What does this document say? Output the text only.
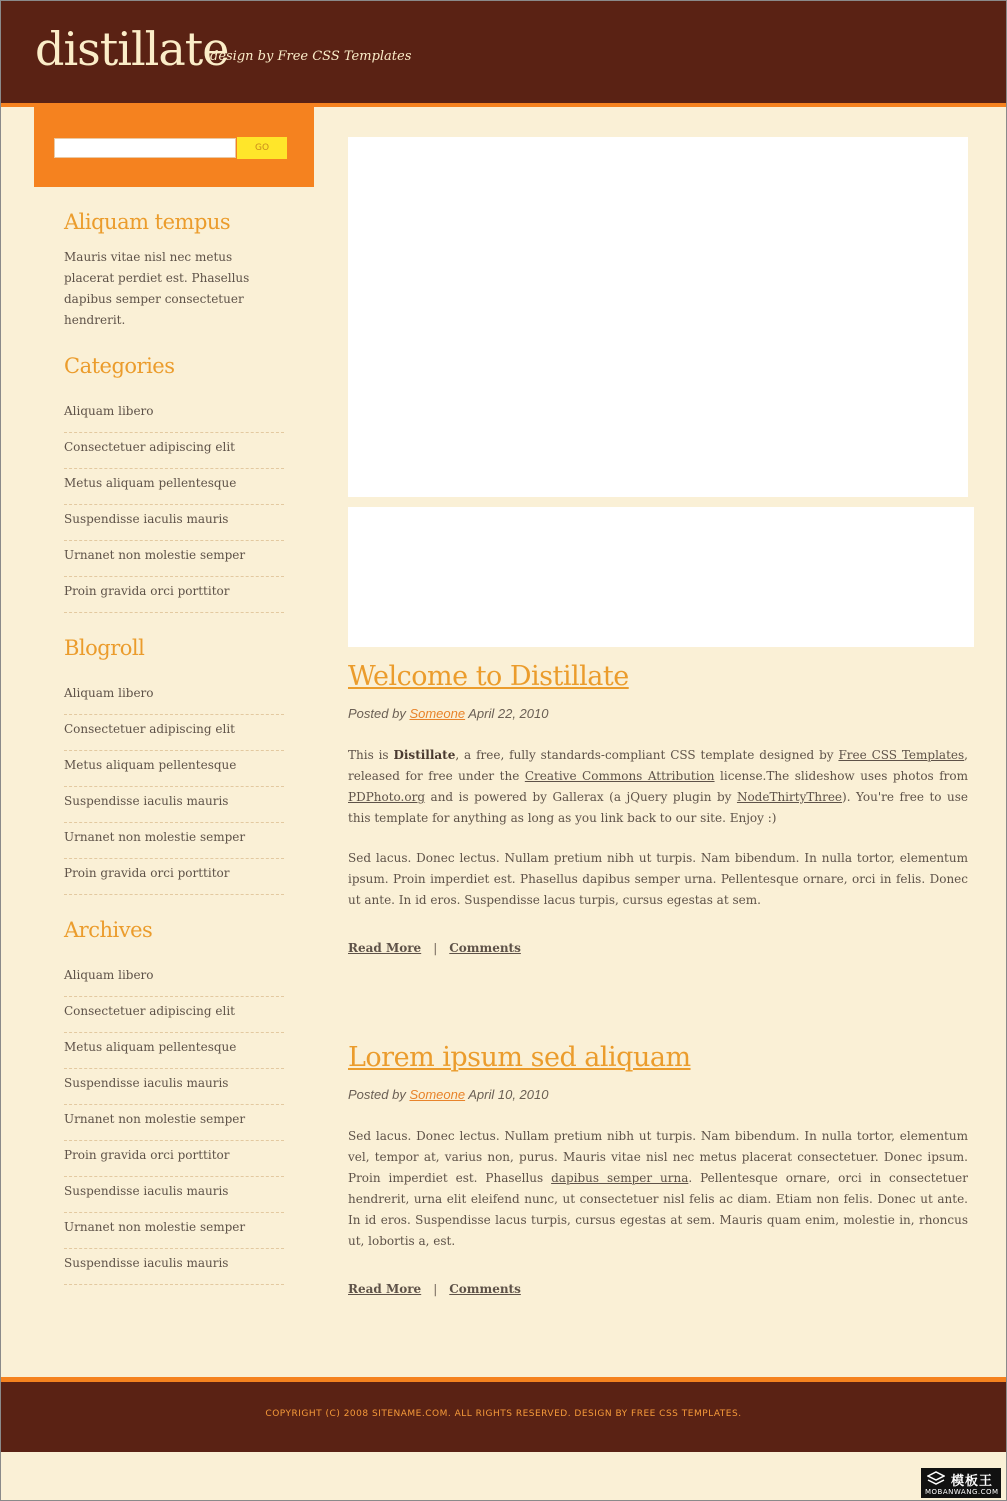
distillate
design by Free CSS Templates
GO
Aliquam tempus

Mauris vitae nisl nec metus placerat perdiet est. Phasellus dapibus semper consectetuer hendrerit.

Categories
Aliquam libero
Consectetuer adipiscing elit
Metus aliquam pellentesque
Suspendisse iaculis mauris
Urnanet non molestie semper
Proin gravida orci porttitor
Blogroll
Aliquam libero
Consectetuer adipiscing elit
Metus aliquam pellentesque
Suspendisse iaculis mauris
Urnanet non molestie semper
Proin gravida orci porttitor
Archives
Aliquam libero
Consectetuer adipiscing elit
Metus aliquam pellentesque
Suspendisse iaculis mauris
Urnanet non molestie semper
Proin gravida orci porttitor
Suspendisse iaculis mauris
Urnanet non molestie semper
Suspendisse iaculis mauris
Welcome to Distillate
Posted by Someone April 22, 2010

This is Distillate, a free, fully standards-compliant CSS template designed by Free CSS Templates, released for free under the Creative Commons Attribution license.The slideshow uses photos from PDPhoto.org and is powered by Gallerax (a jQuery plugin by NodeThirtyThree). You're free to use this template for anything as long as you link back to our site. Enjoy :)

Sed lacus. Donec lectus. Nullam pretium nibh ut turpis. Nam bibendum. In nulla tortor, elementum ipsum. Proin imperdiet est. Phasellus dapibus semper urna. Pellentesque ornare, orci in felis. Donec ut ante. In id eros. Suspendisse lacus turpis, cursus egestas at sem.

Read More | Comments
Lorem ipsum sed aliquam
Posted by Someone April 10, 2010

Sed lacus. Donec lectus. Nullam pretium nibh ut turpis. Nam bibendum. In nulla tortor, elementum vel, tempor at, varius non, purus. Mauris vitae nisl nec metus placerat consectetuer. Donec ipsum. Proin imperdiet est. Phasellus dapibus semper urna. Pellentesque ornare, orci in consectetuer hendrerit, urna elit eleifend nunc, ut consectetuer nisl felis ac diam. Etiam non felis. Donec ut ante. In id eros. Suspendisse lacus turpis, cursus egestas at sem. Mauris quam enim, molestie in, rhoncus ut, lobortis a, est.

Read More | Comments
COPYRIGHT (C) 2008 SITENAME.COM. ALL RIGHTS RESERVED. DESIGN BY FREE CSS TEMPLATES.
模板王
MOBANWANG.COM
